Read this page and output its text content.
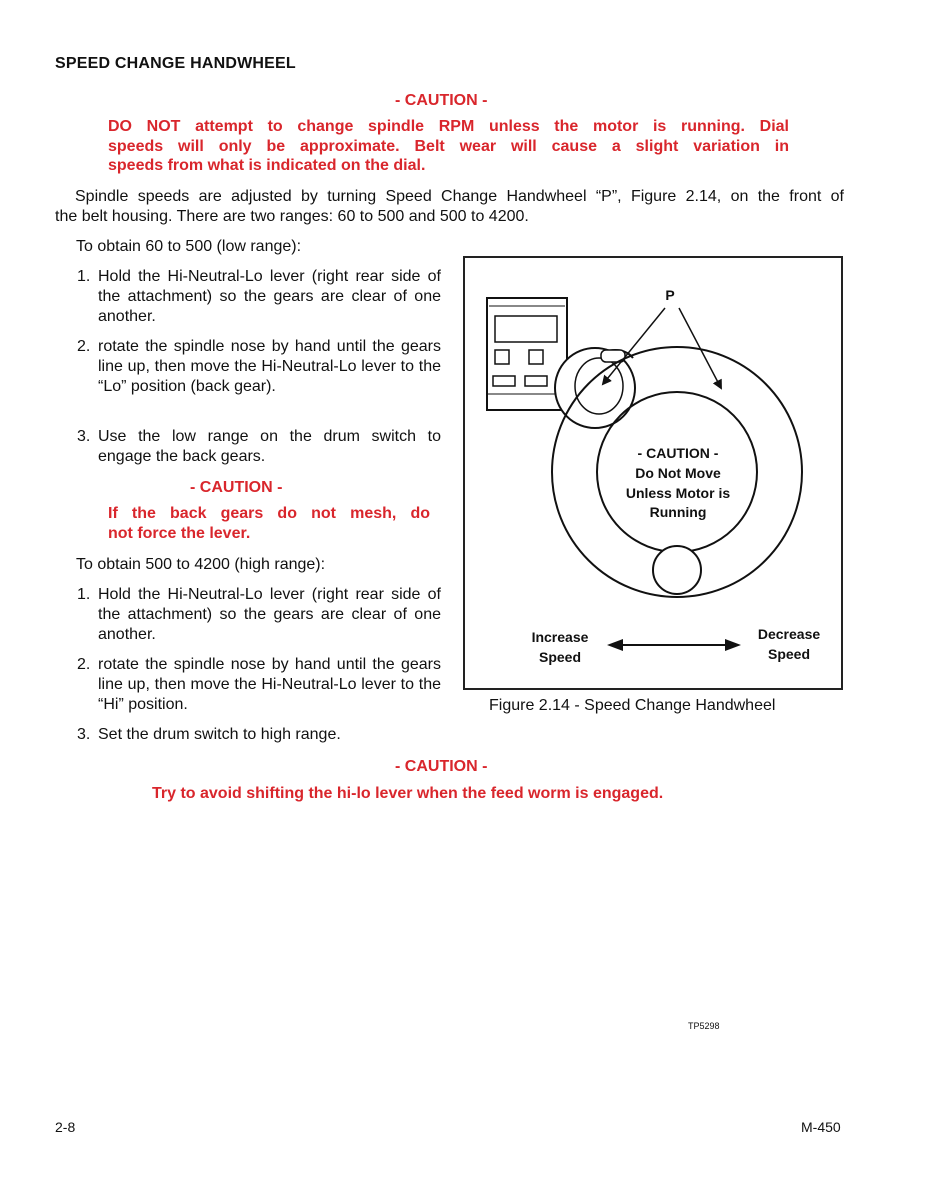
SPEED CHANGE HANDWHEEL
- CAUTION -
DO NOT attempt to change spindle RPM unless the motor is running. Dial
speeds will only be approximate. Belt wear will cause a slight variation in
speeds from what is indicated on the dial.
Spindle speeds are adjusted by turning Speed Change Handwheel “P”, Figure 2.14, on the front of
the belt housing. There are two ranges: 60 to 500 and 500 to 4200.
To obtain 60 to 500 (low range):
1. Hold the Hi-Neutral-Lo lever (right rear side of the attachment) so the gears are clear of one another.
2. rotate the spindle nose by hand until the gears line up, then move the Hi-Neutral-Lo lever to the “Lo” position (back gear).
3. Use the low range on the drum switch to engage the back gears.
- CAUTION -
If the back gears do not mesh, do
not force the lever.
To obtain 500 to 4200 (high range):
1. Hold the Hi-Neutral-Lo lever (right rear side of the attachment) so the gears are clear of one another.
2. rotate the spindle nose by hand until the gears line up, then move the Hi-Neutral-Lo lever to the “Hi” position.
3. Set the drum switch to high range.
- CAUTION -
Try to avoid shifting the hi-lo lever when the feed worm is engaged.
P
- CAUTION -
Do Not Move
Unless Motor is
Running
Increase
Speed
Decrease
Speed
Figure 2.14 - Speed Change Handwheel
TP5298
2-8	M-450
